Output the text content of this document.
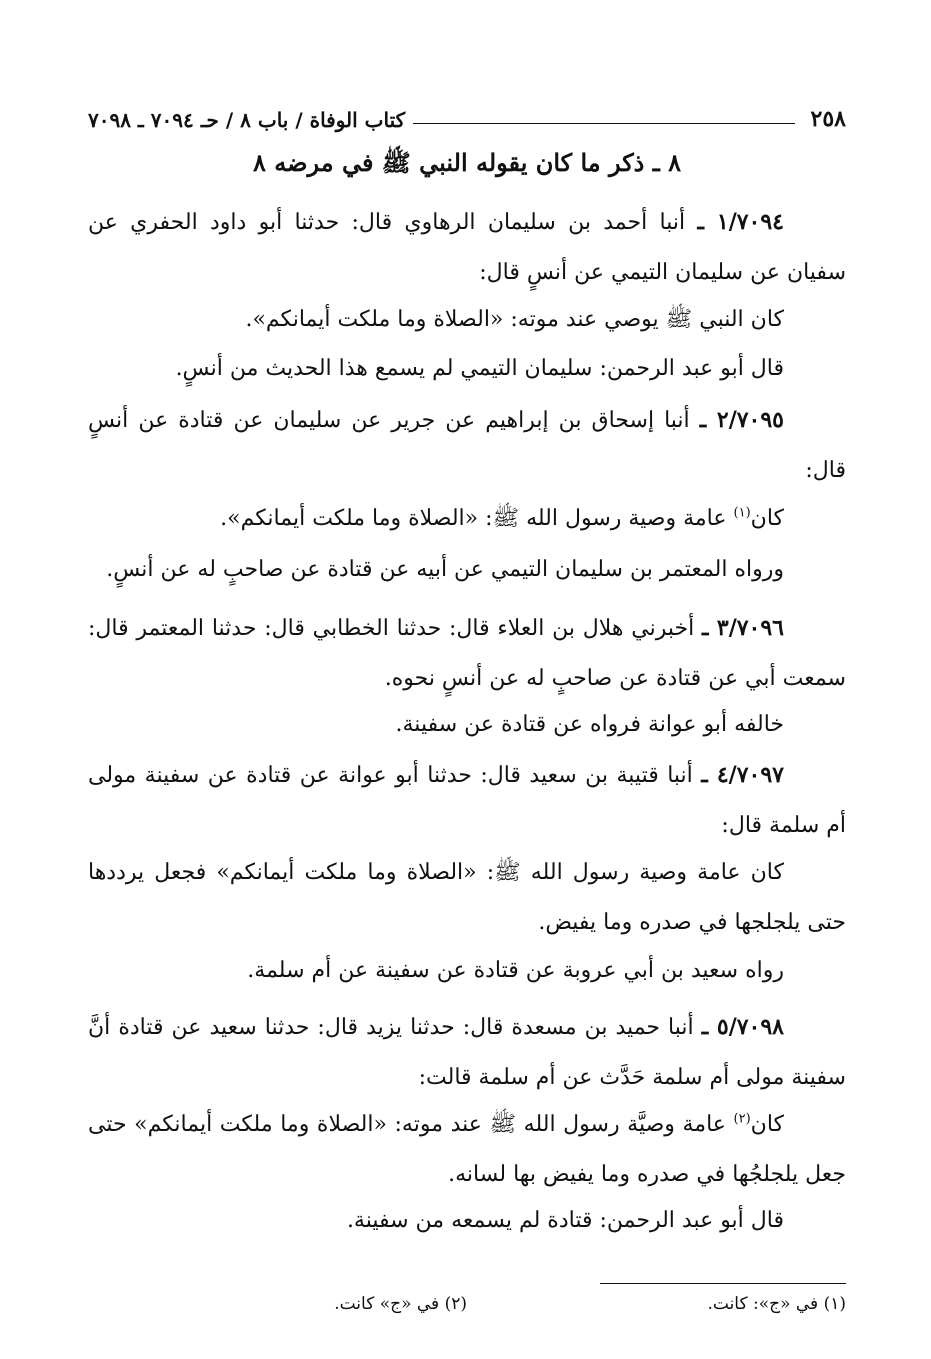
٢٥٨
كتاب الوفاة / باب ٨ / حـ ٧٠٩٤ ـ ٧٠٩٨
٨ ـ ذكر ما كان يقوله النبي ﷺ في مرضه ٨

١/٧٠٩٤ ـ أنبا أحمد بن سليمان الرهاوي قال: حدثنا أبو داود الحفري عن سفيان عن سليمان التيمي عن أنسٍ قال:

كان النبي ﷺ يوصي عند موته: «الصلاة وما ملكت أيمانكم».

قال أبو عبد الرحمن: سليمان التيمي لم يسمع هذا الحديث من أنسٍ.

٢/٧٠٩٥ ـ أنبا إسحاق بن إبراهيم عن جرير عن سليمان عن قتادة عن أنسٍ قال:

كان$^{(١)}$ عامة وصية رسول الله ﷺ: «الصلاة وما ملكت أيمانكم».

ورواه المعتمر بن سليمان التيمي عن أبيه عن قتادة عن صاحبٍ له عن أنسٍ.

٣/٧٠٩٦ ـ أخبرني هلال بن العلاء قال: حدثنا الخطابي قال: حدثنا المعتمر قال: سمعت أبي عن قتادة عن صاحبٍ له عن أنسٍ نحوه.

خالفه أبو عوانة فرواه عن قتادة عن سفينة.

٤/٧٠٩٧ ـ أنبا قتيبة بن سعيد قال: حدثنا أبو عوانة عن قتادة عن سفينة مولى أم سلمة قال:

كان عامة وصية رسول الله ﷺ: «الصلاة وما ملكت أيمانكم» فجعل يرددها حتى يلجلجها في صدره وما يفيض.

رواه سعيد بن أبي عروبة عن قتادة عن سفينة عن أم سلمة.

٥/٧٠٩٨ ـ أنبا حميد بن مسعدة قال: حدثنا يزيد قال: حدثنا سعيد عن قتادة أنَّ سفينة مولى أم سلمة حَدَّث عن أم سلمة قالت:

كان$^{(٢)}$ عامة وصيَّة رسول الله ﷺ عند موته: «الصلاة وما ملكت أيمانكم» حتى جعل يلجلجُها في صدره وما يفيض بها لسانه.

قال أبو عبد الرحمن: قتادة لم يسمعه من سفينة.

(١) في «ج»: كانت.
(٢) في «ج» كانت.
